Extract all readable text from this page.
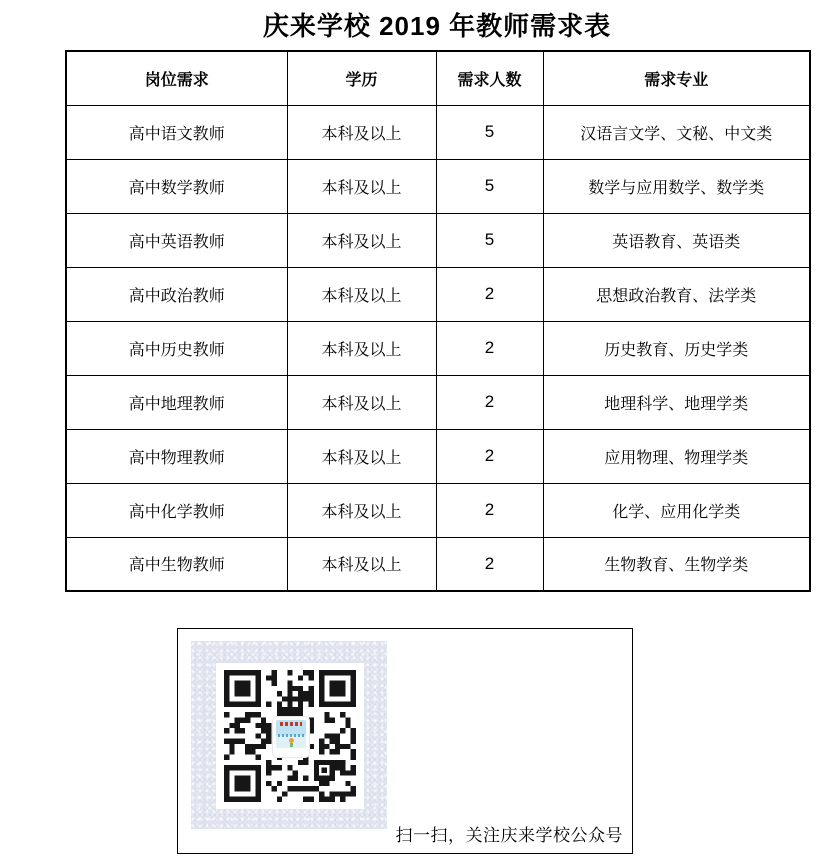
庆来学校 2019 年教师需求表
岗位需求	学历	需求人数	需求专业
高中语文教师	本科及以上	5	汉语言文学、文秘、中文类
高中数学教师	本科及以上	5	数学与应用数学、数学类
高中英语教师	本科及以上	5	英语教育、英语类
高中政治教师	本科及以上	2	思想政治教育、法学类
高中历史教师	本科及以上	2	历史教育、历史学类
高中地理教师	本科及以上	2	地理科学、地理学类
高中物理教师	本科及以上	2	应用物理、物理学类
高中化学教师	本科及以上	2	化学、应用化学类
高中生物教师	本科及以上	2	生物教育、生物学类
扫一扫，关注庆来学校公众号
